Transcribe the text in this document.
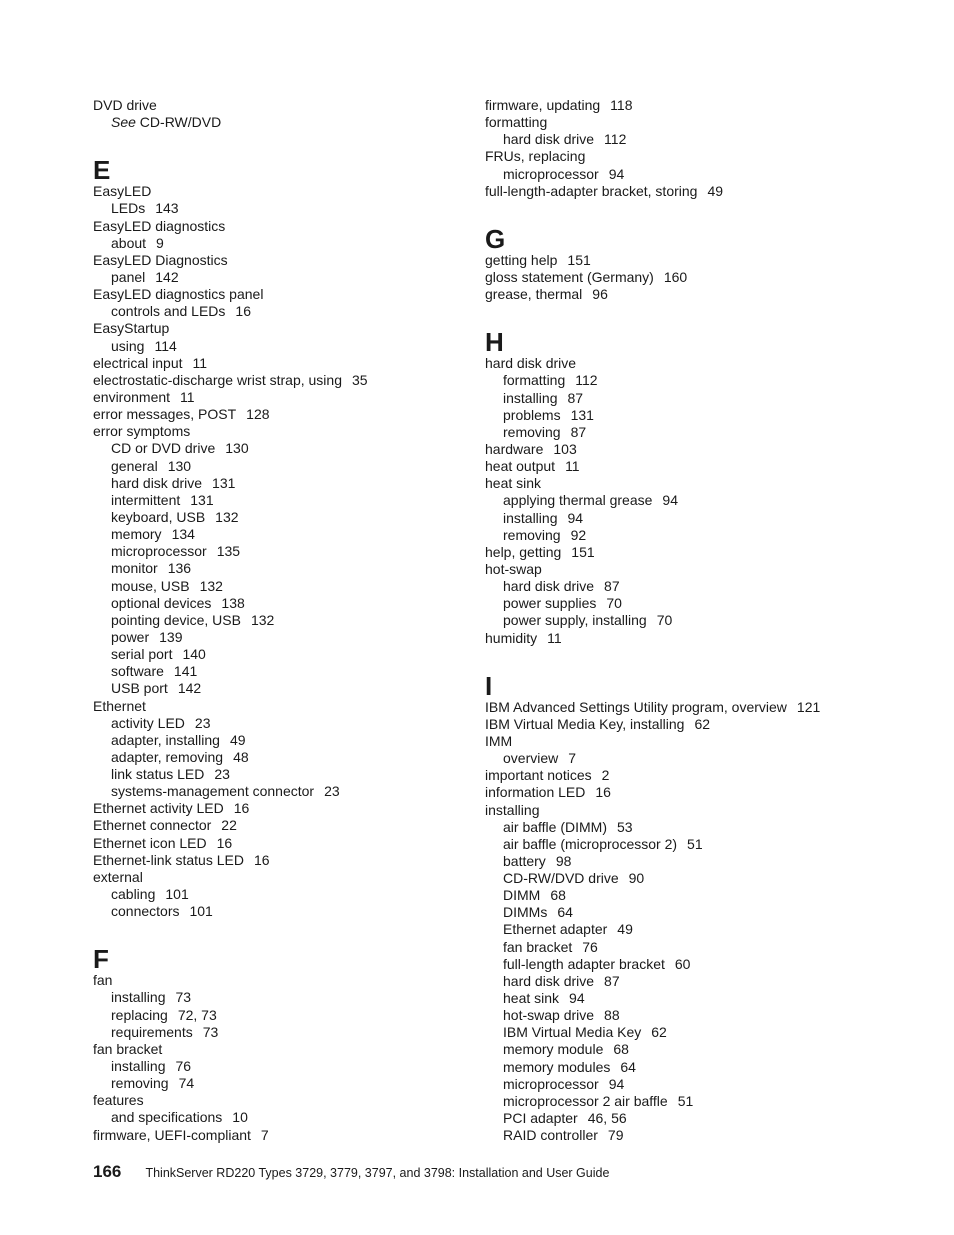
DVD drive
See CD-RW/DVD
E
EasyLED
LEDs 143
EasyLED diagnostics
about 9
EasyLED Diagnostics
panel 142
EasyLED diagnostics panel
controls and LEDs 16
EasyStartup
using 114
electrical input 11
electrostatic-discharge wrist strap, using 35
environment 11
error messages, POST 128
error symptoms
CD or DVD drive 130
general 130
hard disk drive 131
intermittent 131
keyboard, USB 132
memory 134
microprocessor 135
monitor 136
mouse, USB 132
optional devices 138
pointing device, USB 132
power 139
serial port 140
software 141
USB port 142
Ethernet
activity LED 23
adapter, installing 49
adapter, removing 48
link status LED 23
systems-management connector 23
Ethernet activity LED 16
Ethernet connector 22
Ethernet icon LED 16
Ethernet-link status LED 16
external
cabling 101
connectors 101
F
fan
installing 73
replacing 72, 73
requirements 73
fan bracket
installing 76
removing 74
features
and specifications 10
firmware, UEFI-compliant 7
firmware, updating 118
formatting
hard disk drive 112
FRUs, replacing
microprocessor 94
full-length-adapter bracket, storing 49
G
getting help 151
gloss statement (Germany) 160
grease, thermal 96
H
hard disk drive
formatting 112
installing 87
problems 131
removing 87
hardware 103
heat output 11
heat sink
applying thermal grease 94
installing 94
removing 92
help, getting 151
hot-swap
hard disk drive 87
power supplies 70
power supply, installing 70
humidity 11
I
IBM Advanced Settings Utility program, overview 121
IBM Virtual Media Key, installing 62
IMM
overview 7
important notices 2
information LED 16
installing
air baffle (DIMM) 53
air baffle (microprocessor 2) 51
battery 98
CD-RW/DVD drive 90
DIMM 68
DIMMs 64
Ethernet adapter 49
fan bracket 76
full-length adapter bracket 60
hard disk drive 87
heat sink 94
hot-swap drive 88
IBM Virtual Media Key 62
memory module 68
memory modules 64
microprocessor 94
microprocessor 2 air baffle 51
PCI adapter 46, 56
RAID controller 79
166 ThinkServer RD220 Types 3729, 3779, 3797, and 3798: Installation and User Guide
